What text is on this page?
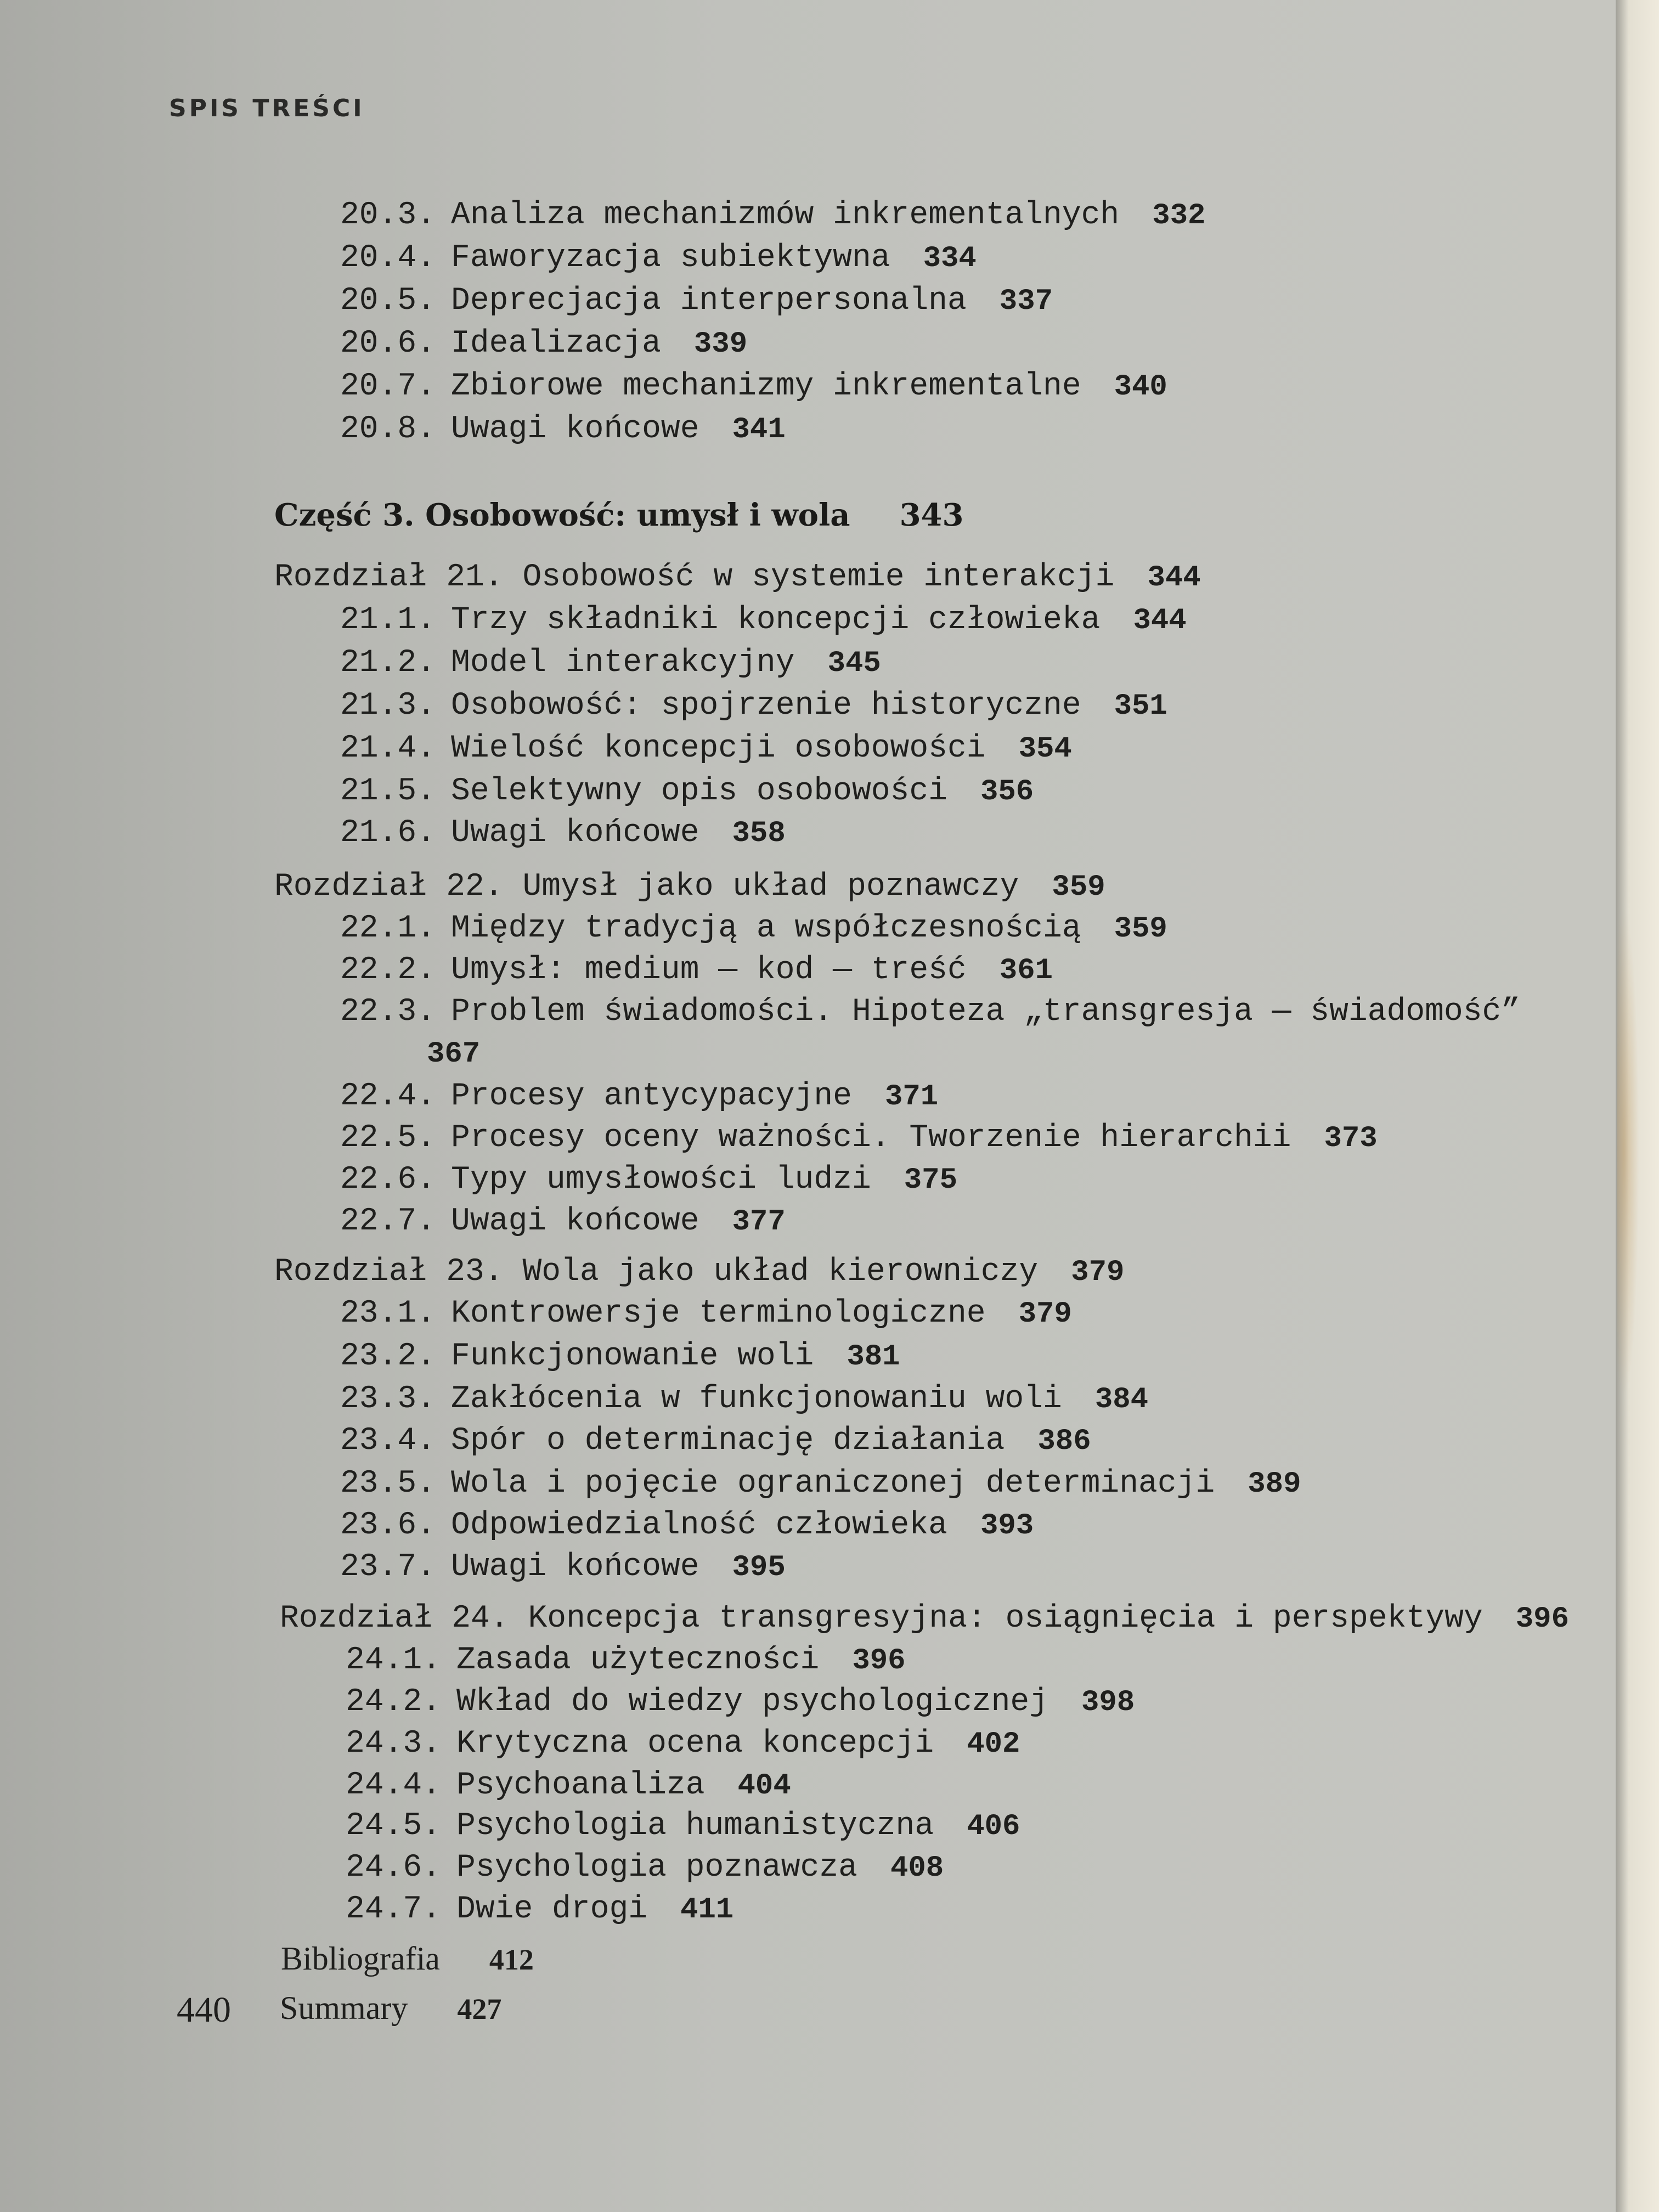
SPIS TREŚCI
20.3. Analiza mechanizmów inkrementalnych 332
20.4. Faworyzacja subiektywna 334
20.5. Deprecjacja interpersonalna 337
20.6. Idealizacja 339
20.7. Zbiorowe mechanizmy inkrementalne 340
20.8. Uwagi końcowe 341
Część 3. Osobowość: umysł i wola 343
Rozdział 21. Osobowość w systemie interakcji 344
21.1. Trzy składniki koncepcji człowieka 344
21.2. Model interakcyjny 345
21.3. Osobowość: spojrzenie historyczne 351
21.4. Wielość koncepcji osobowości 354
21.5. Selektywny opis osobowości 356
21.6. Uwagi końcowe 358
Rozdział 22. Umysł jako układ poznawczy 359
22.1. Między tradycją a współczesnością 359
22.2. Umysł: medium — kod — treść 361
22.3. Problem świadomości. Hipoteza „transgresja — świadomość”
367
22.4. Procesy antycypacyjne 371
22.5. Procesy oceny ważności. Tworzenie hierarchii 373
22.6. Typy umysłowości ludzi 375
22.7. Uwagi końcowe 377
Rozdział 23. Wola jako układ kierowniczy 379
23.1. Kontrowersje terminologiczne 379
23.2. Funkcjonowanie woli 381
23.3. Zakłócenia w funkcjonowaniu woli 384
23.4. Spór o determinację działania 386
23.5. Wola i pojęcie ograniczonej determinacji 389
23.6. Odpowiedzialność człowieka 393
23.7. Uwagi końcowe 395
Rozdział 24. Koncepcja transgresyjna: osiągnięcia i perspektywy 396
24.1. Zasada użyteczności 396
24.2. Wkład do wiedzy psychologicznej 398
24.3. Krytyczna ocena koncepcji 402
24.4. Psychoanaliza 404
24.5. Psychologia humanistyczna 406
24.6. Psychologia poznawcza 408
24.7. Dwie drogi 411
Bibliografia 412
Summary 427
440
